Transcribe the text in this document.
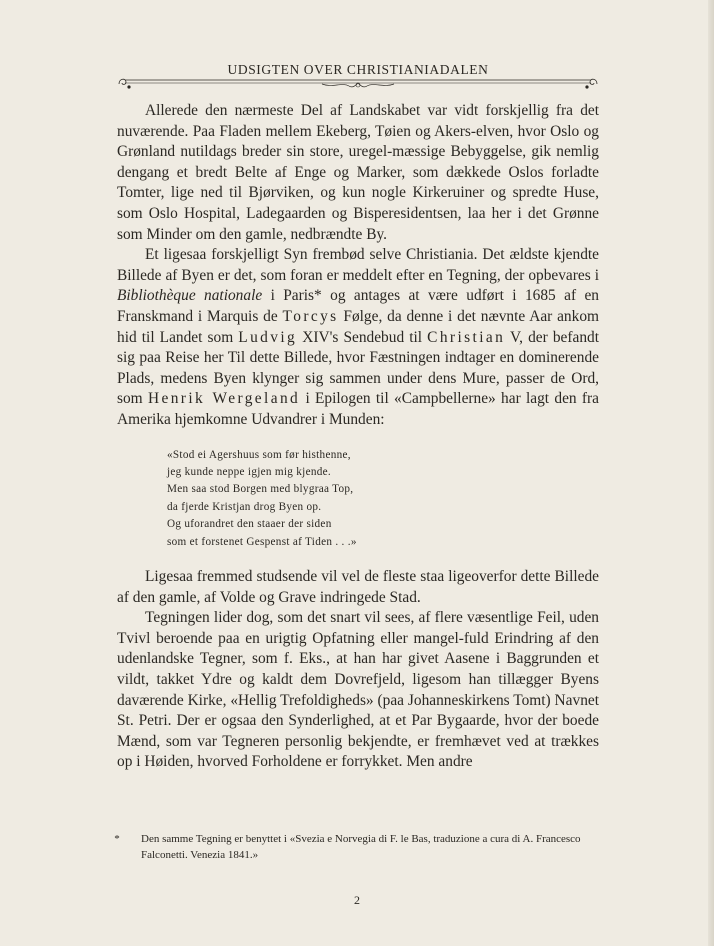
UDSIGTEN OVER CHRISTIANIADALEN

Allerede den nærmeste Del af Landskabet var vidt forskjellig fra det nuværende. Paa Fladen mellem Ekeberg, Tøien og Akers-elven, hvor Oslo og Grønland nutildags breder sin store, uregel-mæssige Bebyggelse, gik nemlig dengang et bredt Belte af Enge og Marker, som dækkede Oslos forladte Tomter, lige ned til Bjørviken, og kun nogle Kirkeruiner og spredte Huse, som Oslo Hospital, Ladegaarden og Bisperesidentsen, laa her i det Grønne som Minder om den gamle, nedbrændte By.

Et ligesaa forskjelligt Syn frembød selve Christiania. Det ældste kjendte Billede af Byen er det, som foran er meddelt efter en Tegning, der opbevares i Bibliothèque nationale i Paris* og antages at være udført i 1685 af en Franskmand i Marquis de Torcys Følge, da denne i det nævnte Aar ankom hid til Landet som Ludvig XIV's Sendebud til Christian V, der befandt sig paa Reise her Til dette Billede, hvor Fæstningen indtager en dominerende Plads, medens Byen klynger sig sammen under dens Mure, passer de Ord, som Henrik Wergeland i Epilogen til «Campbellerne» har lagt den fra Amerika hjemkomne Udvandrer i Munden:

«Stod ei Agershuus som før histhenne,
jeg kunde neppe igjen mig kjende.
Men saa stod Borgen med blygraa Top,
da fjerde Kristjan drog Byen op.
Og uforandret den staaer der siden
som et forstenet Gespenst af Tiden . . .»

Ligesaa fremmed studsende vil vel de fleste staa ligeoverfor dette Billede af den gamle, af Volde og Grave indringede Stad.

Tegningen lider dog, som det snart vil sees, af flere væsentlige Feil, uden Tvivl beroende paa en urigtig Opfatning eller mangel-fuld Erindring af den udenlandske Tegner, som f. Eks., at han har givet Aasene i Baggrunden et vildt, takket Ydre og kaldt dem Dovrefjeld, ligesom han tillægger Byens daværende Kirke, «Hellig Trefoldigheds» (paa Johanneskirkens Tomt) Navnet St. Petri. Der er ogsaa den Synderlighed, at et Par Bygaarde, hvor der boede Mænd, som var Tegneren personlig bekjendte, er fremhævet ved at trækkes op i Høiden, hvorved Forholdene er forrykket. Men andre

* Den samme Tegning er benyttet i «Svezia e Norvegia di F. le Bas, traduzione a cura di A. Francesco Falconetti. Venezia 1841.»

2
